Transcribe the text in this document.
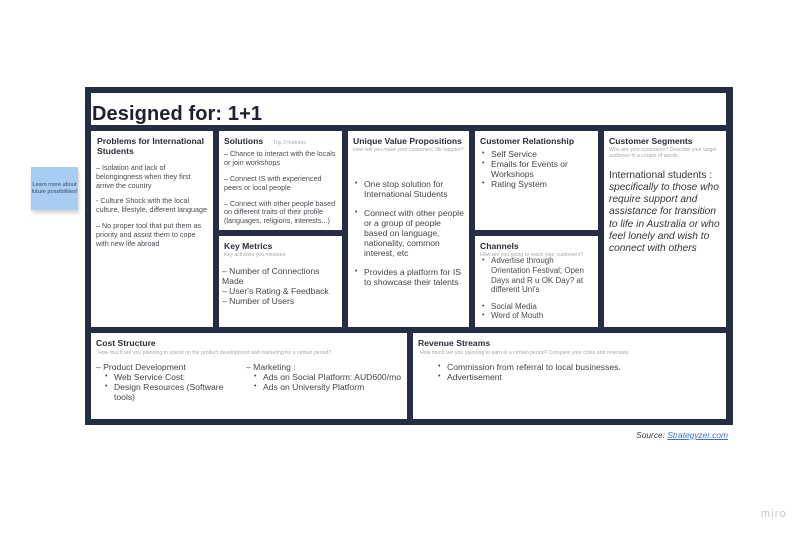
Learn more about future possibilities!
Designed for: 1+1
Problems for International Students
– Isolation and lack of belongingness when they first arrive the country
- Culture Shock with the local culture, lifestyle, different language
– No proper tool that put them as priority and assist them to cope with new life abroad
Solutions Top 3 features
– Chance to interact with the locals or join workshops
– Connect IS with experienced peers or local people
– Connect with other people based on different traits of their profile (languages, religions, interests...)
Key Metrics
Key activities you measure
– Number of Connections Made
– User's Rating & Feedback
– Number of Users
Unique Value Propositions
How will you make your customers' life happier?
• One stop solution for International Students
• Connect with other people or a group of people based on language, nationality, common interest, etc
• Provides a platform for IS to showcase their talents
Customer Relationship
• Self Service
• Emails for Events or Workshops
• Rating System
Channels
How are you going to reach your customers?
• Advertise through Orientation Festival; Open Days and R u OK Day? at different Uni's
• Social Media
• Word of Mouth
Customer Segments
Who are your customers? Describe your target audience in a couple of words.
International students : specifically to those who require support and assistance for transition to life in Australia or who feel lonely and wish to connect with others
Cost Structure
How much are you planning to spend on the product development and marketing for a certain period?
– Product Development
• Web Service Cost:
• Design Resources (Software tools)
– Marketing :
• Ads on Social Platform: AUD600/mo
• Ads on University Platform
Revenue Streams
How much are you planning to earn in a certain period? Compare your costs and revenues.
• Commission from referral to local businesses.
• Advertisement
Source: Strategyzer.com
miro
